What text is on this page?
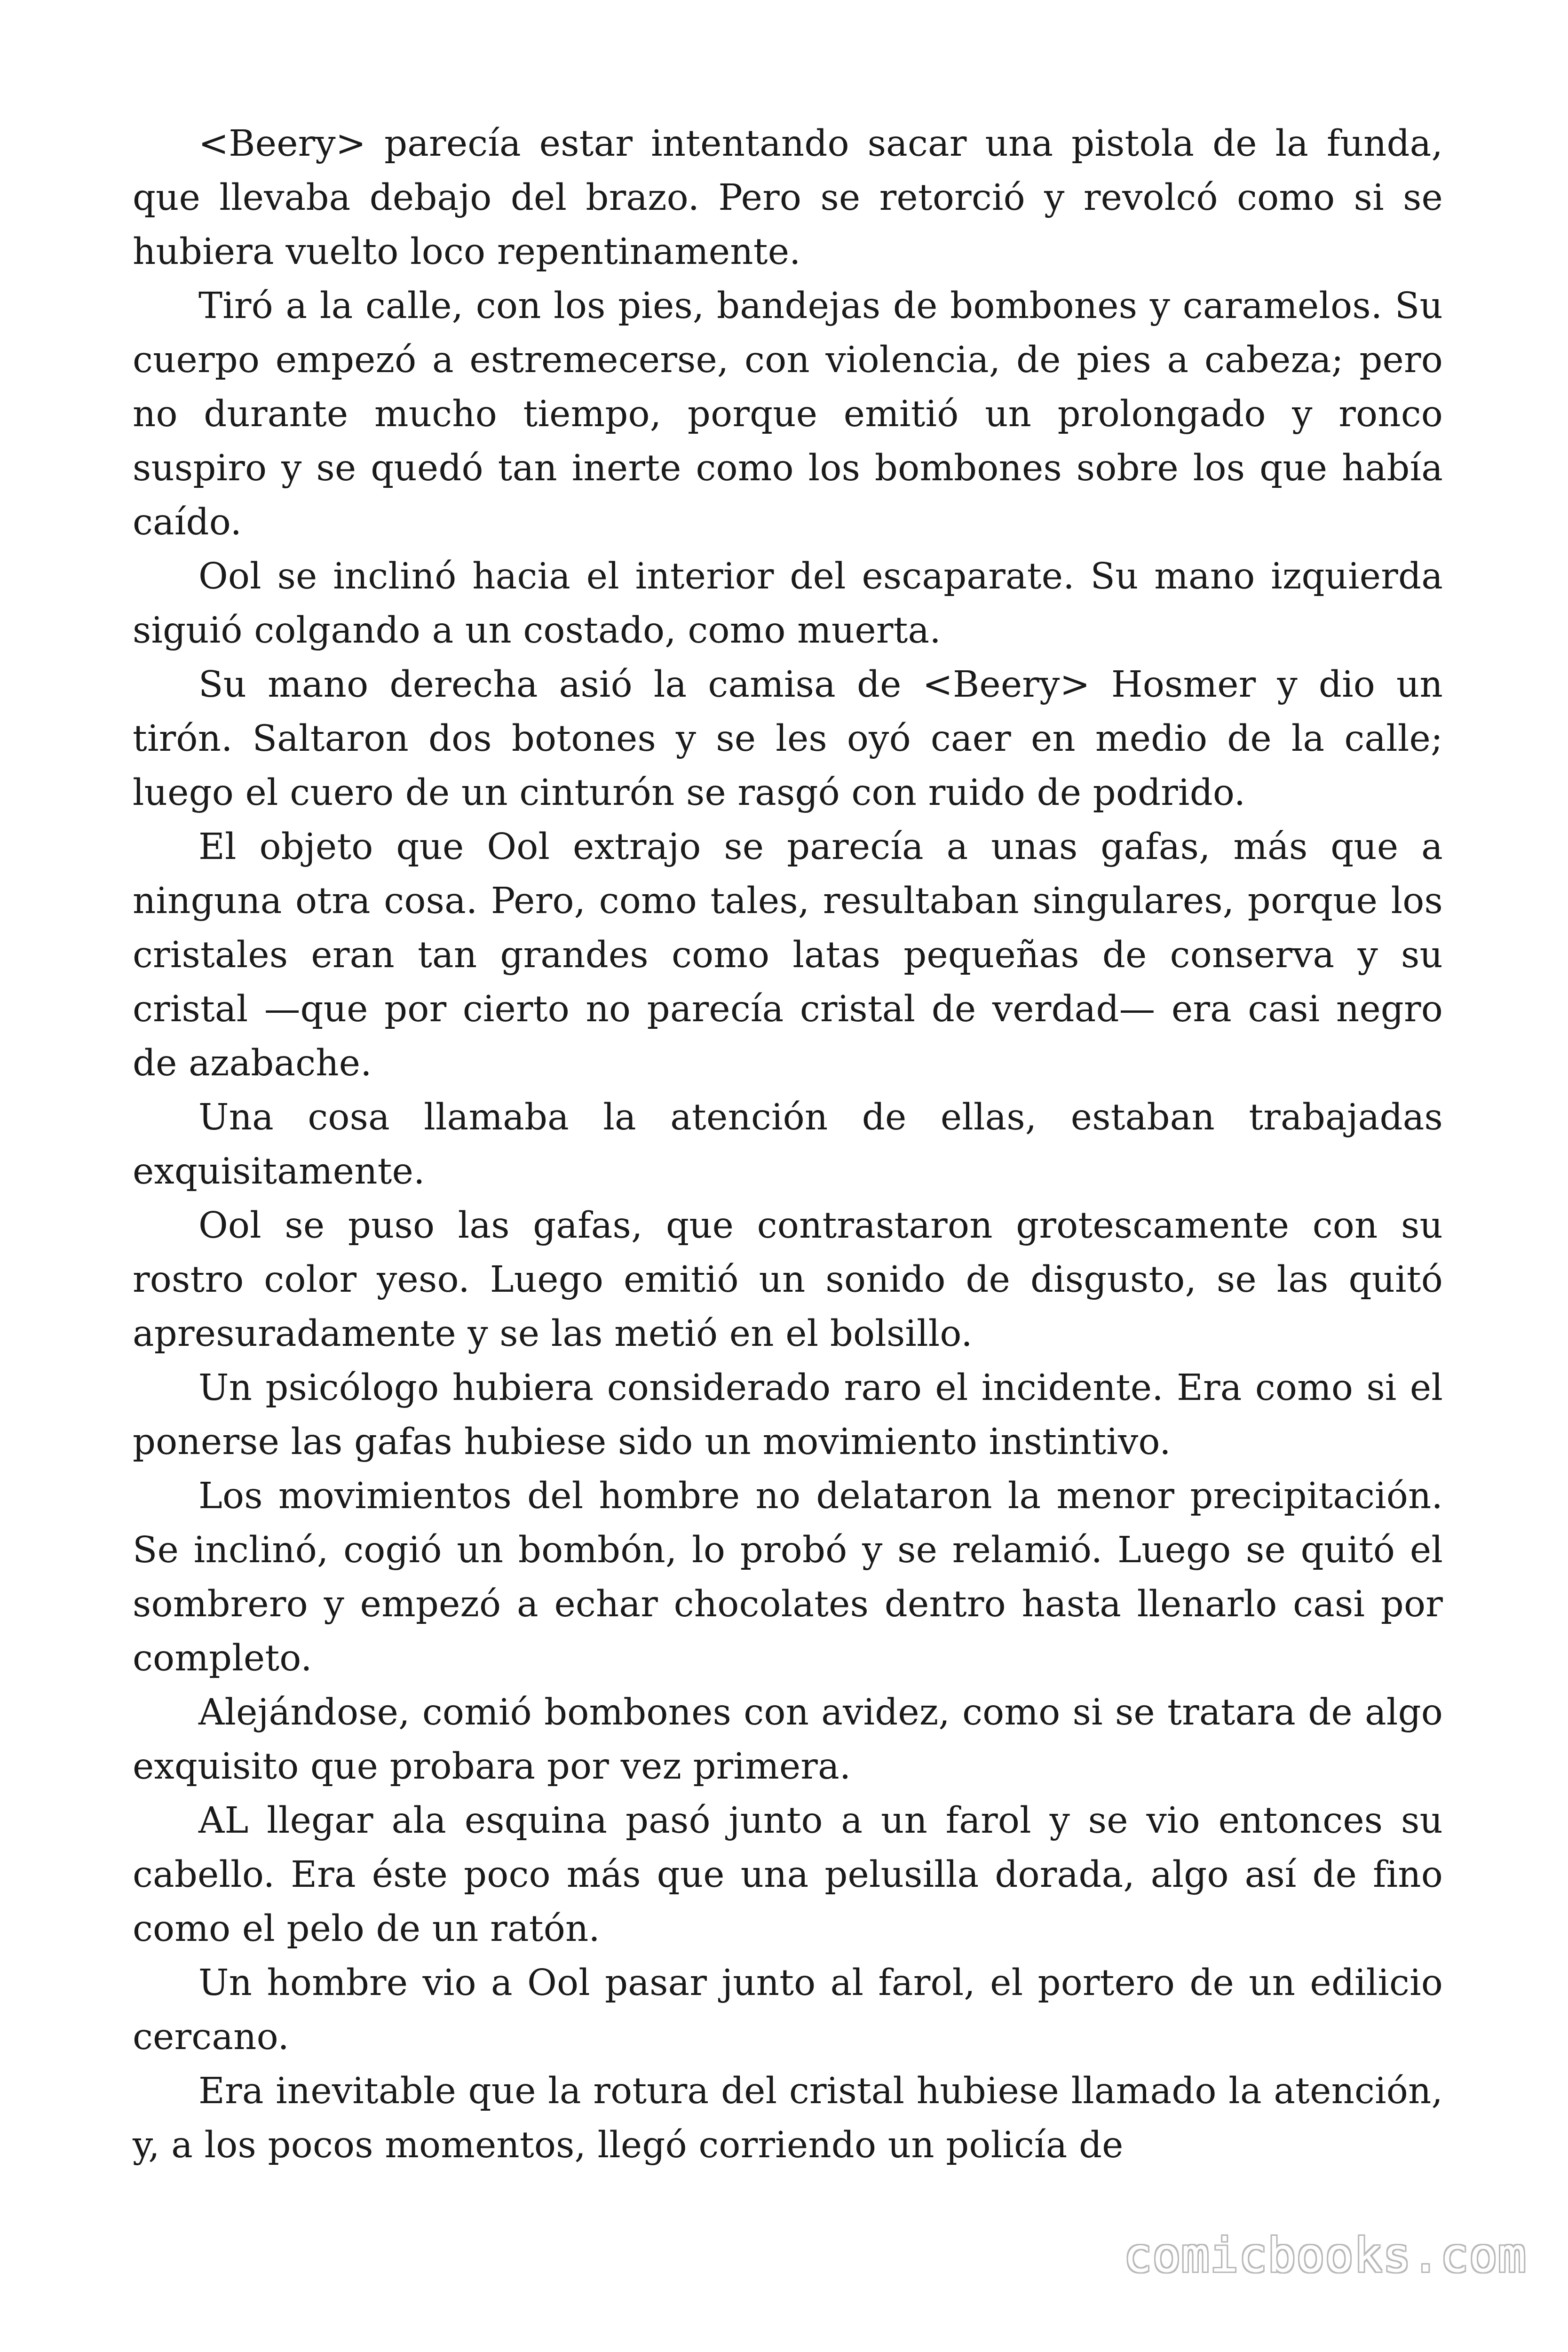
<Beery> parecía estar intentando sacar una pistola de la funda, que llevaba debajo del brazo. Pero se retorció y revolcó como si se hubiera vuelto loco repentinamente.

Tiró a la calle, con los pies, bandejas de bombones y caramelos. Su cuerpo empezó a estremecerse, con violencia, de pies a cabeza; pero no durante mucho tiempo, porque emitió un prolongado y ronco suspiro y se quedó tan inerte como los bombones sobre los que había caído.

Ool se inclinó hacia el interior del escaparate. Su mano izquierda siguió colgando a un costado, como muerta.

Su mano derecha asió la camisa de <Beery> Hosmer y dio un tirón. Saltaron dos botones y se les oyó caer en medio de la calle; luego el cuero de un cinturón se rasgó con ruido de podrido.

El objeto que Ool extrajo se parecía a unas gafas, más que a ninguna otra cosa. Pero, como tales, resultaban singulares, porque los cristales eran tan grandes como latas pequeñas de conserva y su cristal —que por cierto no parecía cristal de verdad— era casi negro de azabache.

Una cosa llamaba la atención de ellas, estaban trabajadas exquisitamente.

Ool se puso las gafas, que contrastaron grotescamente con su rostro color yeso. Luego emitió un sonido de disgusto, se las quitó apresuradamente y se las metió en el bolsillo.

Un psicólogo hubiera considerado raro el incidente. Era como si el ponerse las gafas hubiese sido un movimiento instintivo.

Los movimientos del hombre no delataron la menor precipitación. Se inclinó, cogió un bombón, lo probó y se relamió. Luego se quitó el sombrero y empezó a echar chocolates dentro hasta llenarlo casi por completo.

Alejándose, comió bombones con avidez, como si se tratara de algo exquisito que probara por vez primera.

AL llegar ala esquina pasó junto a un farol y se vio entonces su cabello. Era éste poco más que una pelusilla dorada, algo así de fino como el pelo de un ratón.

Un hombre vio a Ool pasar junto al farol, el portero de un edilicio cercano.

Era inevitable que la rotura del cristal hubiese llamado la atención, y, a los pocos momentos, llegó corriendo un policía de

comicbooks.com
